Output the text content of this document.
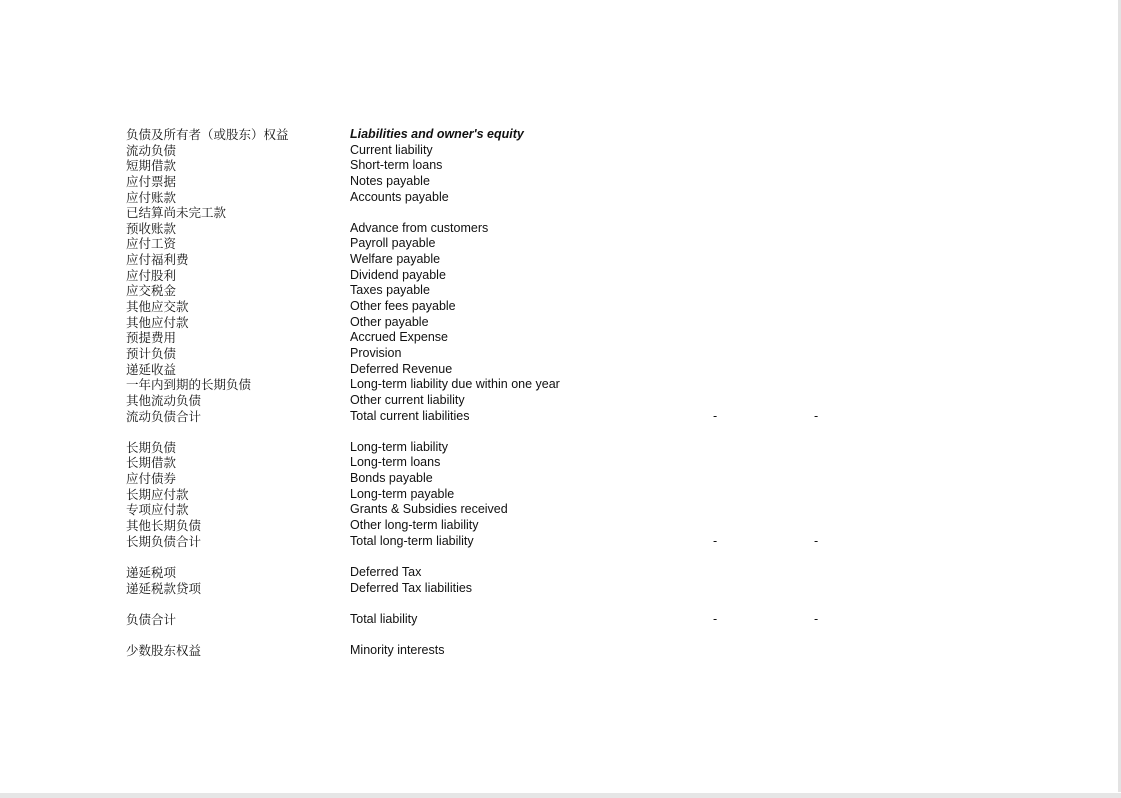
负债及所有者（或股东）权益	Liabilities and owner's equity
流动负债	Current liability
短期借款	Short-term loans
应付票据	Notes payable
应付账款	Accounts payable
已结算尚未完工款
预收账款	Advance from customers
应付工资	Payroll payable
应付福利费	Welfare payable
应付股利	Dividend payable
应交税金	Taxes payable
其他应交款	Other fees payable
其他应付款	Other payable
预提费用	Accrued Expense
预计负债	Provision
递延收益	Deferred Revenue
一年内到期的长期负债	Long-term liability due within one year
其他流动负债	Other current liability
流动负债合计	Total current liabilities	-	-
长期负债	Long-term liability
长期借款	Long-term loans
应付债券	Bonds payable
长期应付款	Long-term payable
专项应付款	Grants & Subsidies received
其他长期负债	Other long-term liability
长期负债合计	Total long-term liability	-	-
递延税项	Deferred Tax
递延税款贷项	Deferred Tax liabilities
负债合计	Total liability	-	-
少数股东权益	Minority interests
